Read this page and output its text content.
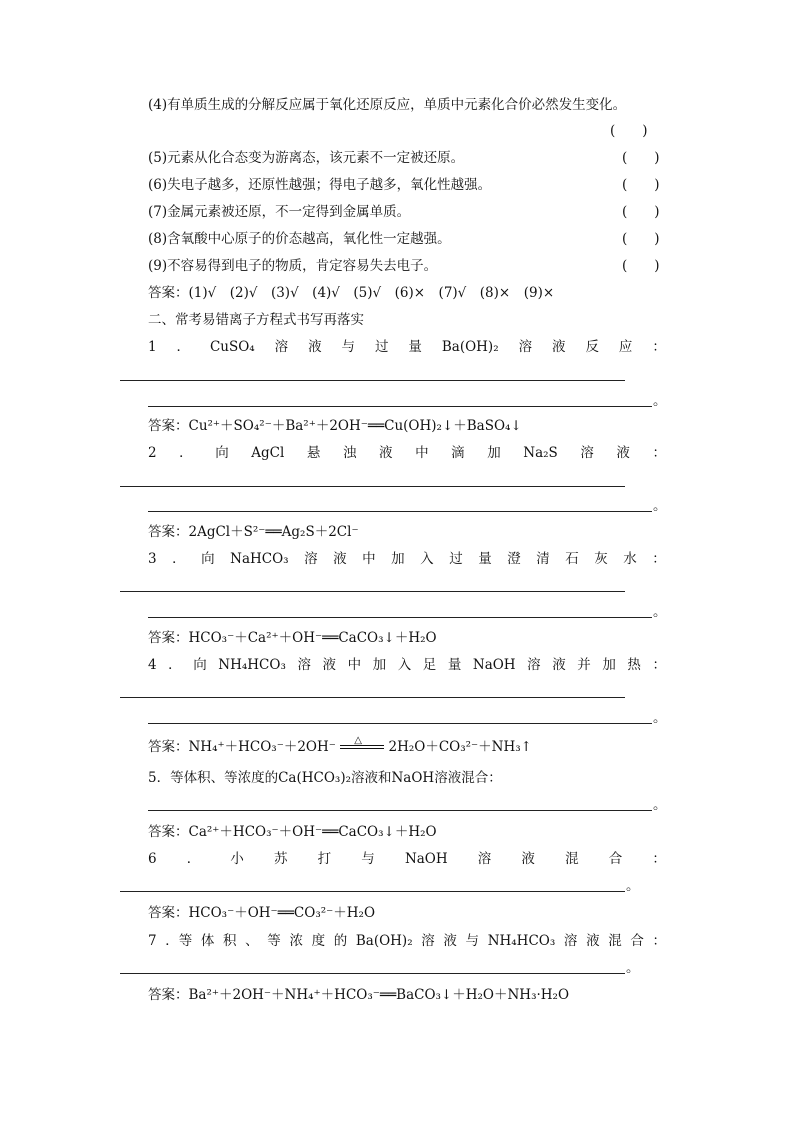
(4)有单质生成的分解反应属于氧化还原反应，单质中元素化合价必然发生变化。
(　　)
(5)元素从化合态变为游离态，该元素不一定被还原。	(　　)
(6)失电子越多，还原性越强；得电子越多，氧化性越强。	(　　)
(7)金属元素被还原，不一定得到金属单质。	(　　)
(8)含氧酸中心原子的价态越高，氧化性一定越强。	(　　)
(9)不容易得到电子的物质，肯定容易失去电子。	(　　)
答案：(1)√　(2)√　(3)√　(4)√　(5)√　(6)×　(7)√　(8)×　(9)×
二、常考易错离子方程式书写再落实
1 ． CuSO₄ 溶 液 与 过 量 Ba(OH)₂ 溶 液 反 应 ：
。
答案：Cu²⁺＋SO₄²⁻＋Ba²⁺＋2OH⁻══Cu(OH)₂↓＋BaSO₄↓
2 ． 向 AgCl 悬 浊 液 中 滴 加 Na₂S 溶 液 ：
。
答案：2AgCl＋S²⁻══Ag₂S＋2Cl⁻
3 ． 向 NaHCO₃ 溶 液 中 加 入 过 量 澄 清 石 灰 水 ：
。
答案：HCO₃⁻＋Ca²⁺＋OH⁻══CaCO₃↓＋H₂O
4 ． 向 NH₄HCO₃ 溶 液 中 加 入 足 量 NaOH 溶 液 并 加 热 ：
。
答案：NH₄⁺＋HCO₃⁻＋2OH⁻ △ 2H₂O＋CO₃²⁻＋NH₃↑
5．等体积、等浓度的Ca(HCO₃)₂溶液和NaOH溶液混合：
。
答案：Ca²⁺＋HCO₃⁻＋OH⁻══CaCO₃↓＋H₂O
6 ． 小 苏 打 与 NaOH 溶 液 混 合 ：
。
答案：HCO₃⁻＋OH⁻══CO₃²⁻＋H₂O
7 ．等 体 积 、 等 浓 度 的 Ba(OH)₂ 溶 液 与 NH₄HCO₃ 溶 液 混 合 ：
。
答案：Ba²⁺＋2OH⁻＋NH₄⁺＋HCO₃⁻══BaCO₃↓＋H₂O＋NH₃·H₂O
